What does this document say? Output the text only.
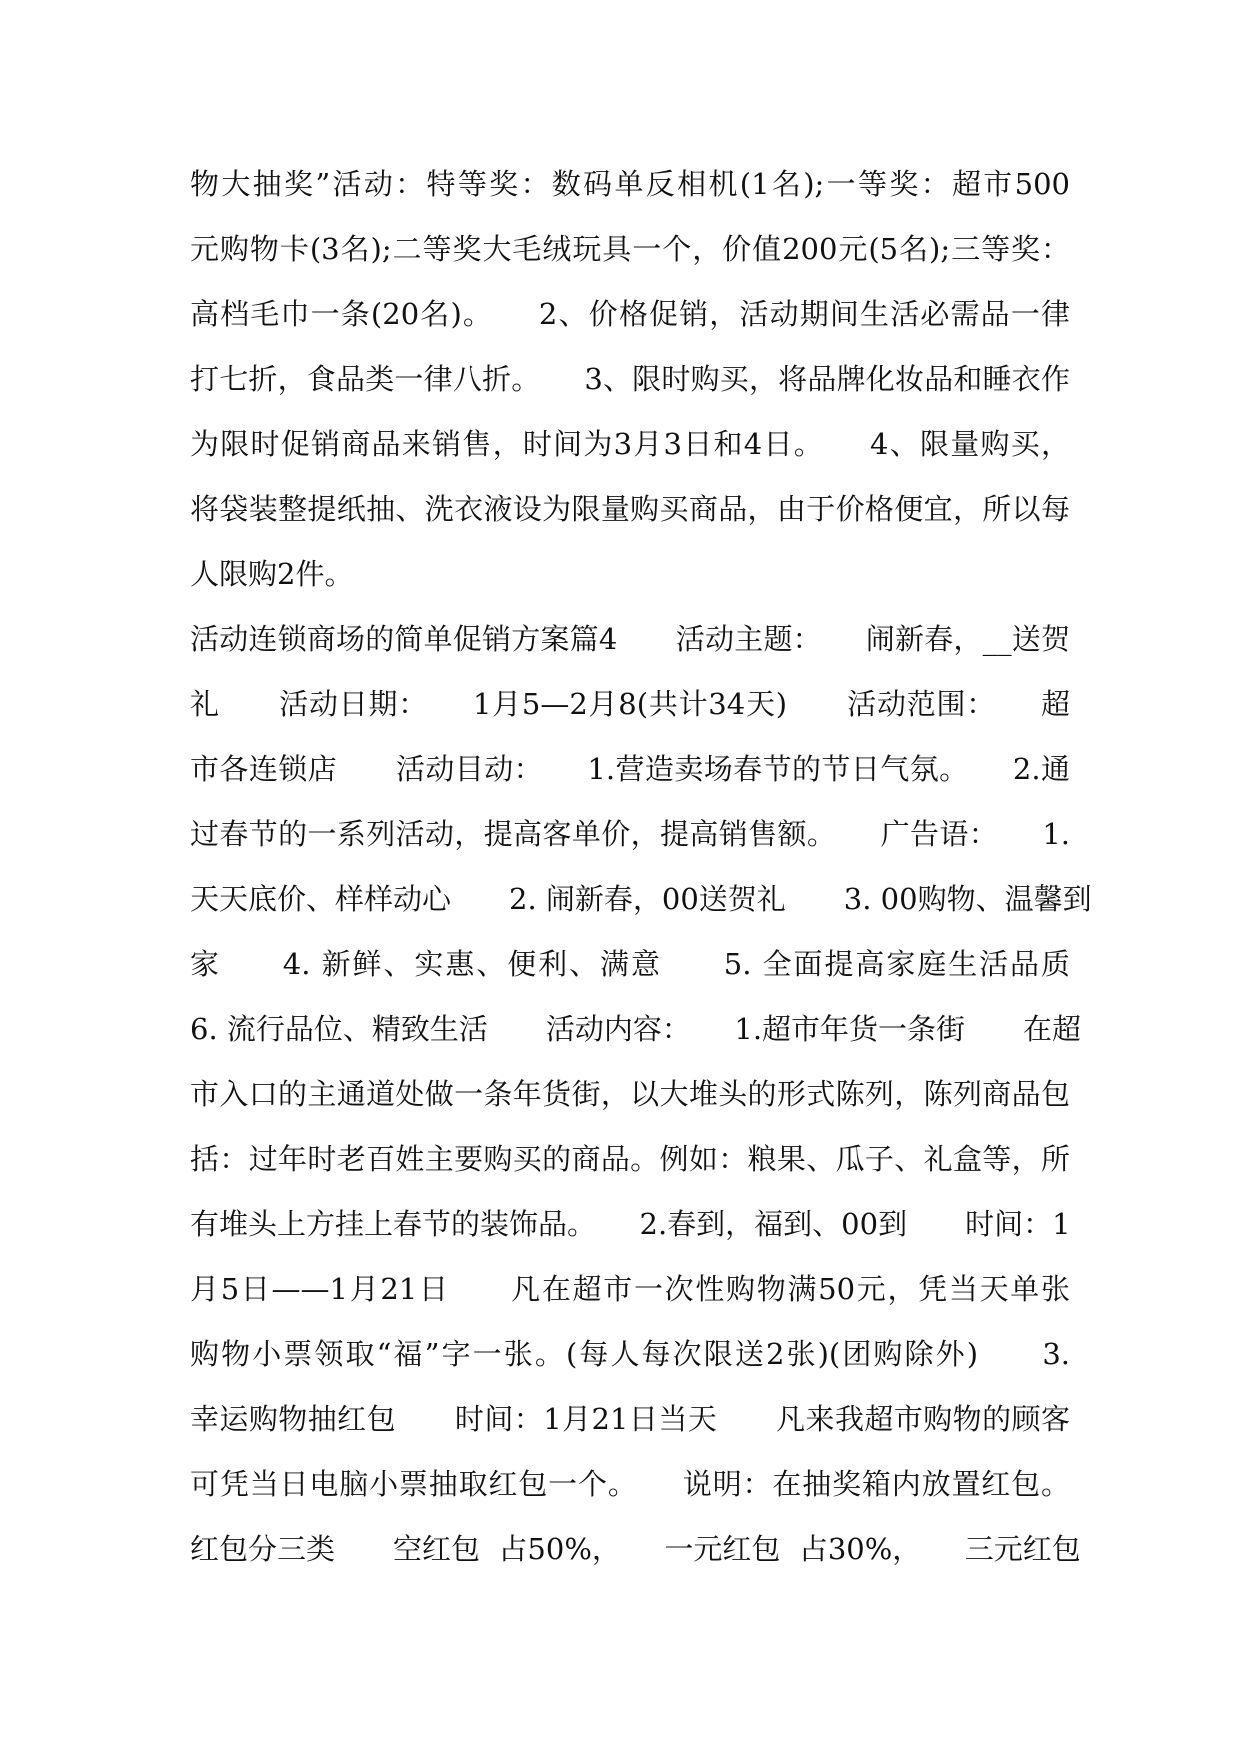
物大抽奖”活动：特等奖：数码单反相机(1名);一等奖：超市500
元购物卡(3名);二等奖大毛绒玩具一个，价值200元(5名);三等奖：
高档毛巾一条(20名)。　　2、价格促销，活动期间生活必需品一律
打七折，食品类一律八折。　　3、限时购买，将品牌化妆品和睡衣作
为限时促销商品来销售，时间为3月3日和4日。　　4、限量购买，
将袋装整提纸抽、洗衣液设为限量购买商品，由于价格便宜，所以每
人限购2件。
活动连锁商场的简单促销方案篇4　　活动主题：　　闹新春，__送贺
礼　　活动日期：　　1月5—2月8(共计34天)　　活动范围：　　超
市各连锁店　　活动目动：　　1.营造卖场春节的节日气氛。　　2.通
过春节的一系列活动，提高客单价，提高销售额。　　广告语：　　1.
天天底价、样样动心　　2. 闹新春，00送贺礼　　3. 00购物、温馨到
家　　4. 新鲜、实惠、便利、满意　　5. 全面提高家庭生活品质
6. 流行品位、精致生活　　活动内容：　　1.超市年货一条街　　在超
市入口的主通道处做一条年货街，以大堆头的形式陈列，陈列商品包
括：过年时老百姓主要购买的商品。例如：粮果、瓜子、礼盒等，所
有堆头上方挂上春节的装饰品。　　2.春到，福到、00到　　时间：1
月5日——1月21日　　凡在超市一次性购物满50元，凭当天单张
购物小票领取“福”字一张。(每人每次限送2张)(团购除外)　　3.
幸运购物抽红包　　时间：1月21日当天　　凡来我超市购物的顾客
可凭当日电脑小票抽取红包一个。　　说明：在抽奖箱内放置红包。
红包分三类　　空红包  占50%，　　一元红包  占30%，　　三元红包
